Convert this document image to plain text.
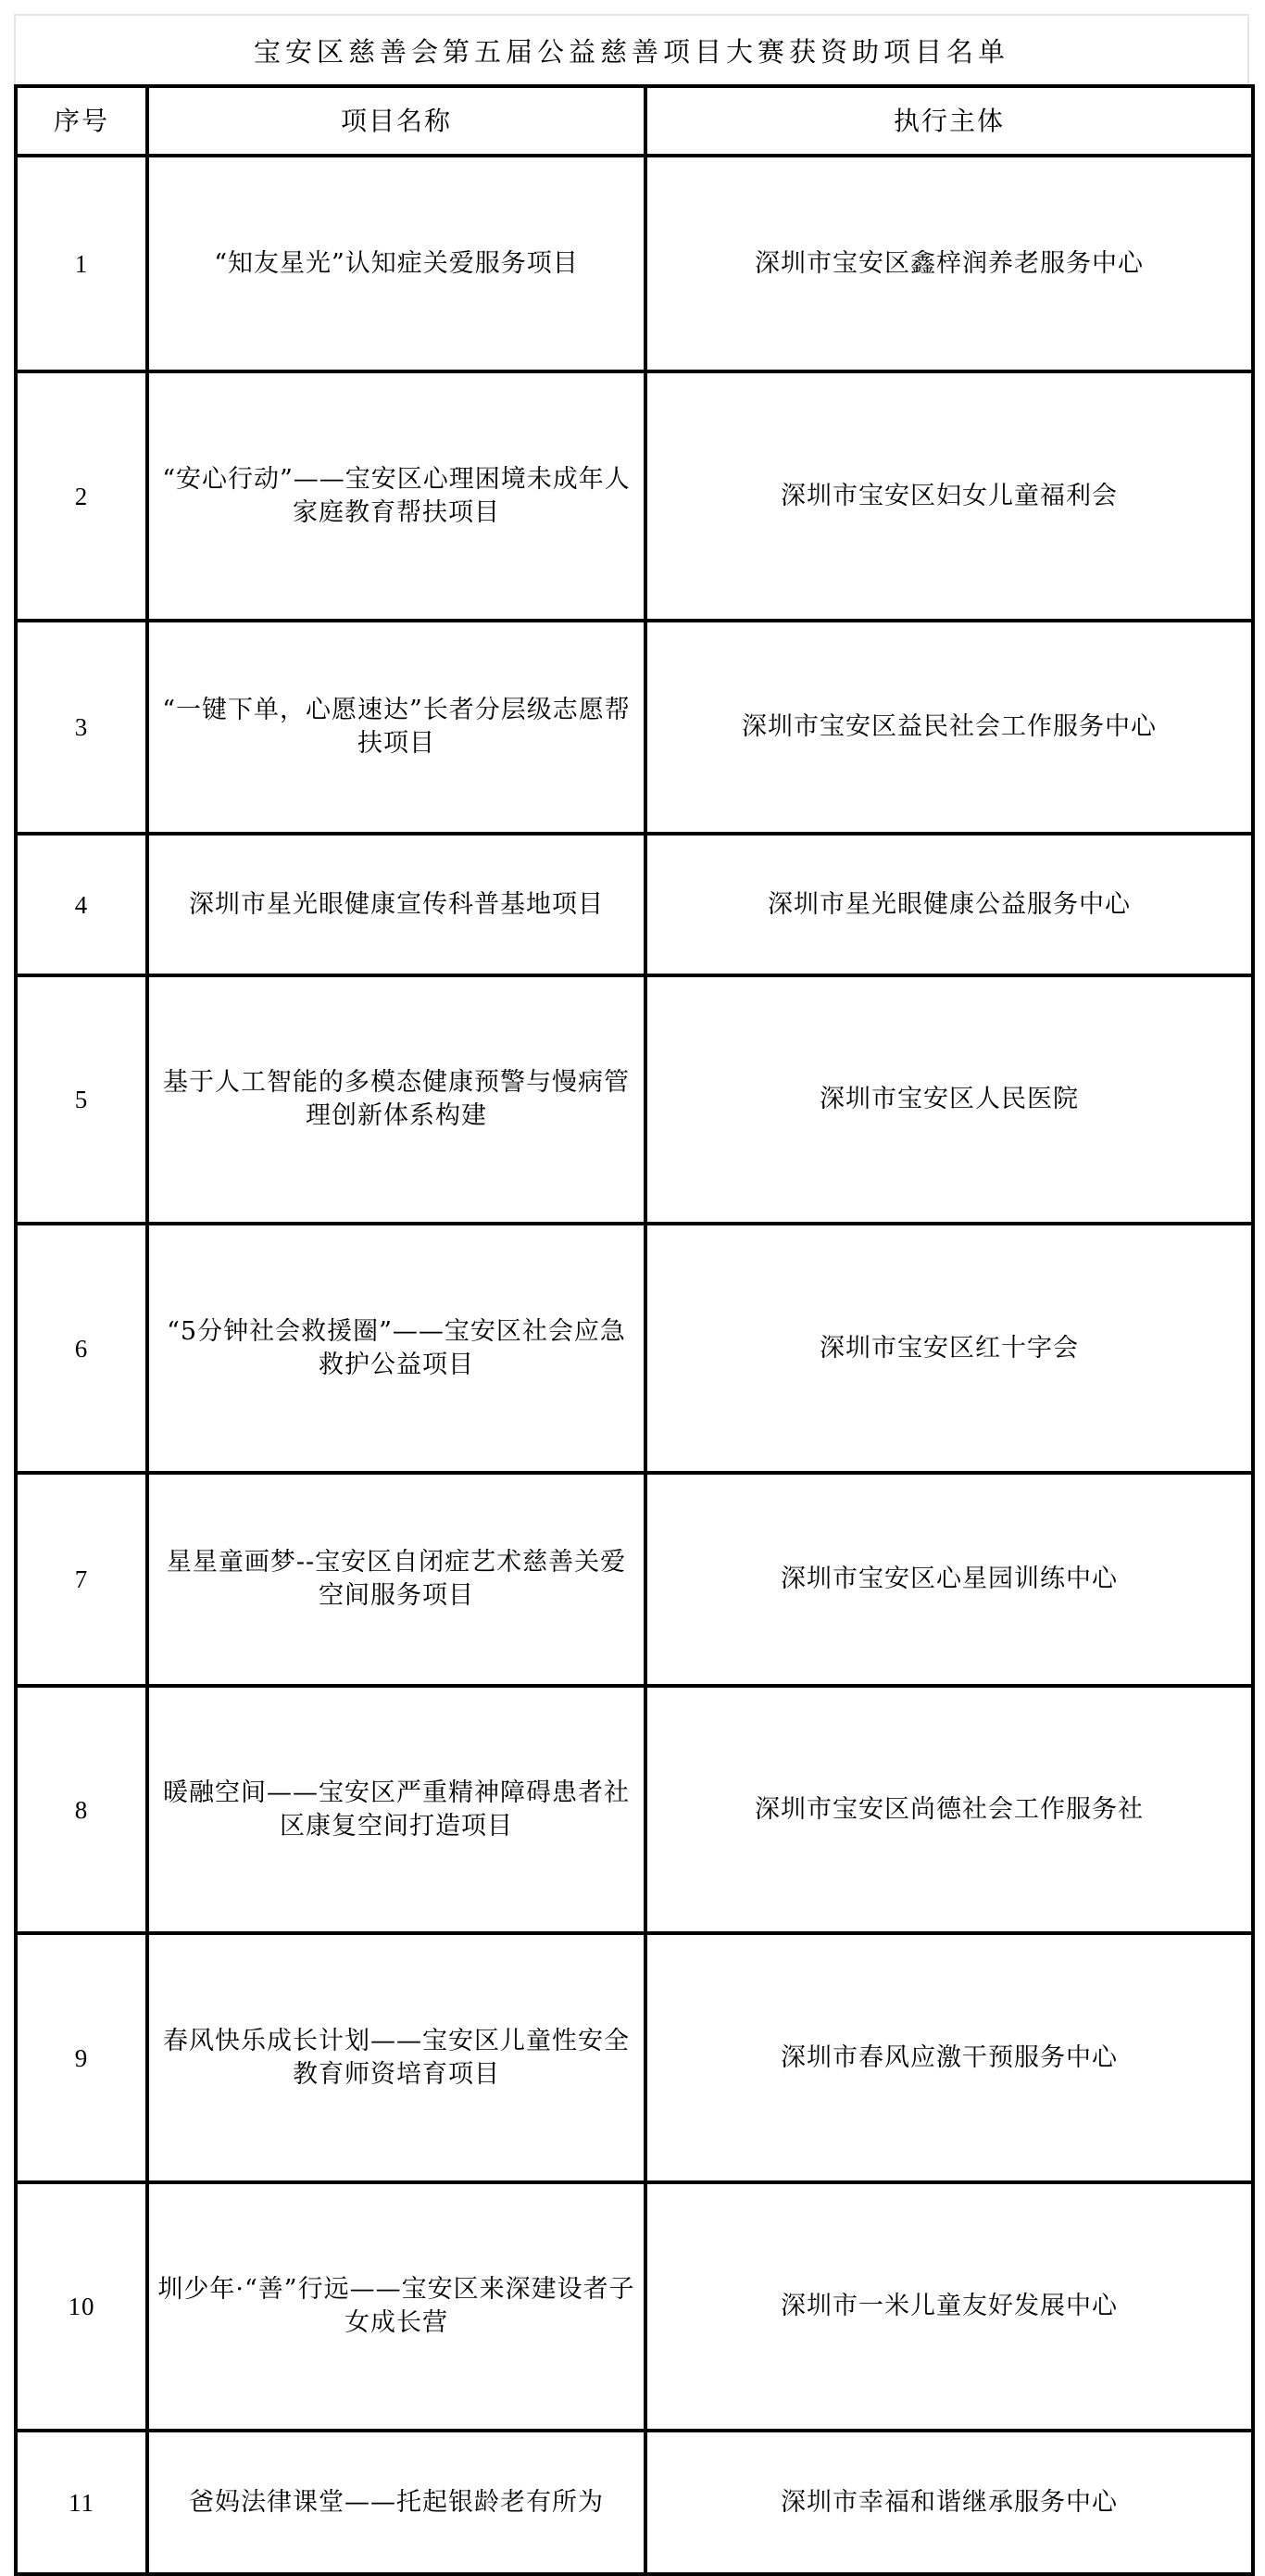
宝安区慈善会第五届公益慈善项目大赛获资助项目名单
序号	项目名称	执行主体
1	“知友星光”认知症关爱服务项目	深圳市宝安区鑫梓润养老服务中心
2	“安心行动”——宝安区心理困境未成年人家庭教育帮扶项目	深圳市宝安区妇女儿童福利会
3	“一键下单，心愿速达”长者分层级志愿帮扶项目	深圳市宝安区益民社会工作服务中心
4	深圳市星光眼健康宣传科普基地项目	深圳市星光眼健康公益服务中心
5	基于人工智能的多模态健康预警与慢病管理创新体系构建	深圳市宝安区人民医院
6	“5分钟社会救援圈”——宝安区社会应急救护公益项目	深圳市宝安区红十字会
7	星星童画梦--宝安区自闭症艺术慈善关爱空间服务项目	深圳市宝安区心星园训练中心
8	暖融空间——宝安区严重精神障碍患者社区康复空间打造项目	深圳市宝安区尚德社会工作服务社
9	春风快乐成长计划——宝安区儿童性安全教育师资培育项目	深圳市春风应激干预服务中心
10	圳少年·“善”行远——宝安区来深建设者子女成长营	深圳市一米儿童友好发展中心
11	爸妈法律课堂——托起银龄老有所为	深圳市幸福和谐继承服务中心
